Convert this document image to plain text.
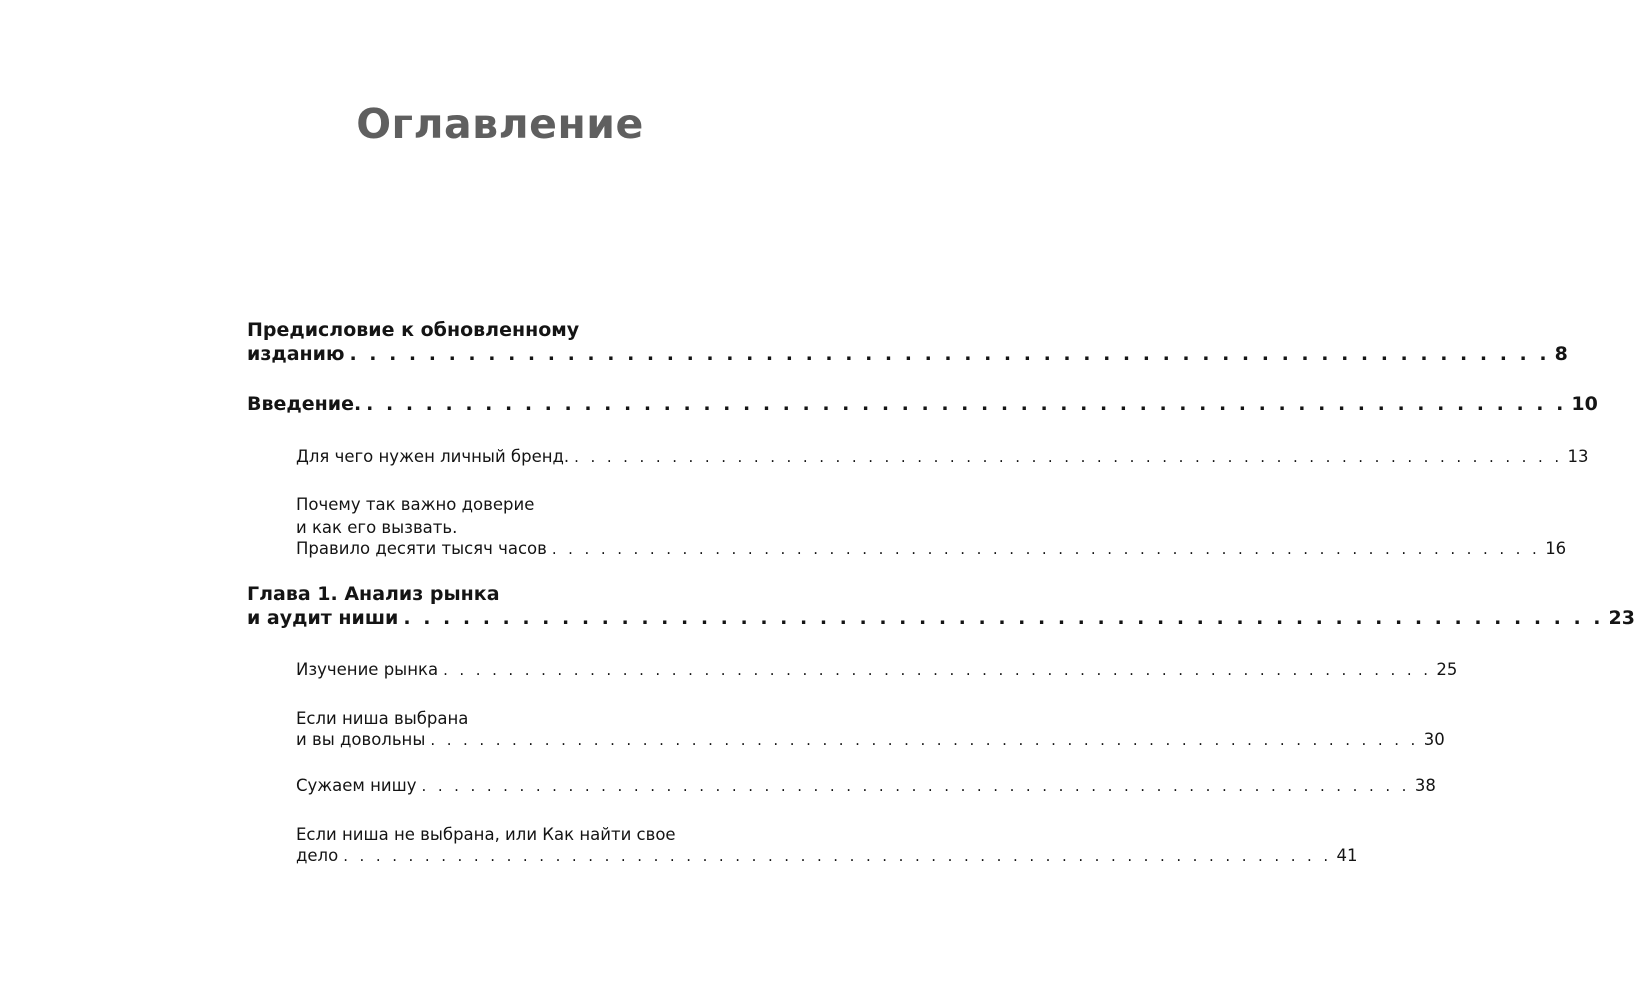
Оглавление
Предисловие к обновленному
изданию . . . . . . . . . . . . . . . . . . . . . . . . . . . . . . . . . . . . . . . . . . . . . . . . . . . . . . . . . . . . . 8
Введение. . . . . . . . . . . . . . . . . . . . . . . . . . . . . . . . . . . . . . . . . . . . . . . . . . . . . . . . . . . . . . 10
Для чего нужен личный бренд. . . . . . . . . . . . . . . . . . . . . . . . . . . . . . . . . . . . . . . . . . . . . . . . . . . . . . . . . . . . . . 13
Почему так важно доверие
и как его вызвать.
Правило десяти тысяч часов . . . . . . . . . . . . . . . . . . . . . . . . . . . . . . . . . . . . . . . . . . . . . . . . . . . . . . . . . . . . . 16
Глава 1. Анализ рынка
и аудит ниши . . . . . . . . . . . . . . . . . . . . . . . . . . . . . . . . . . . . . . . . . . . . . . . . . . . . . . . . . . . . . 23
Изучение рынка . . . . . . . . . . . . . . . . . . . . . . . . . . . . . . . . . . . . . . . . . . . . . . . . . . . . . . . . . . . . . 25
Если ниша выбрана
и вы довольны . . . . . . . . . . . . . . . . . . . . . . . . . . . . . . . . . . . . . . . . . . . . . . . . . . . . . . . . . . . . . 30
Сужаем нишу . . . . . . . . . . . . . . . . . . . . . . . . . . . . . . . . . . . . . . . . . . . . . . . . . . . . . . . . . . . . . 38
Если ниша не выбрана, или Как найти свое
дело . . . . . . . . . . . . . . . . . . . . . . . . . . . . . . . . . . . . . . . . . . . . . . . . . . . . . . . . . . . . . 41
